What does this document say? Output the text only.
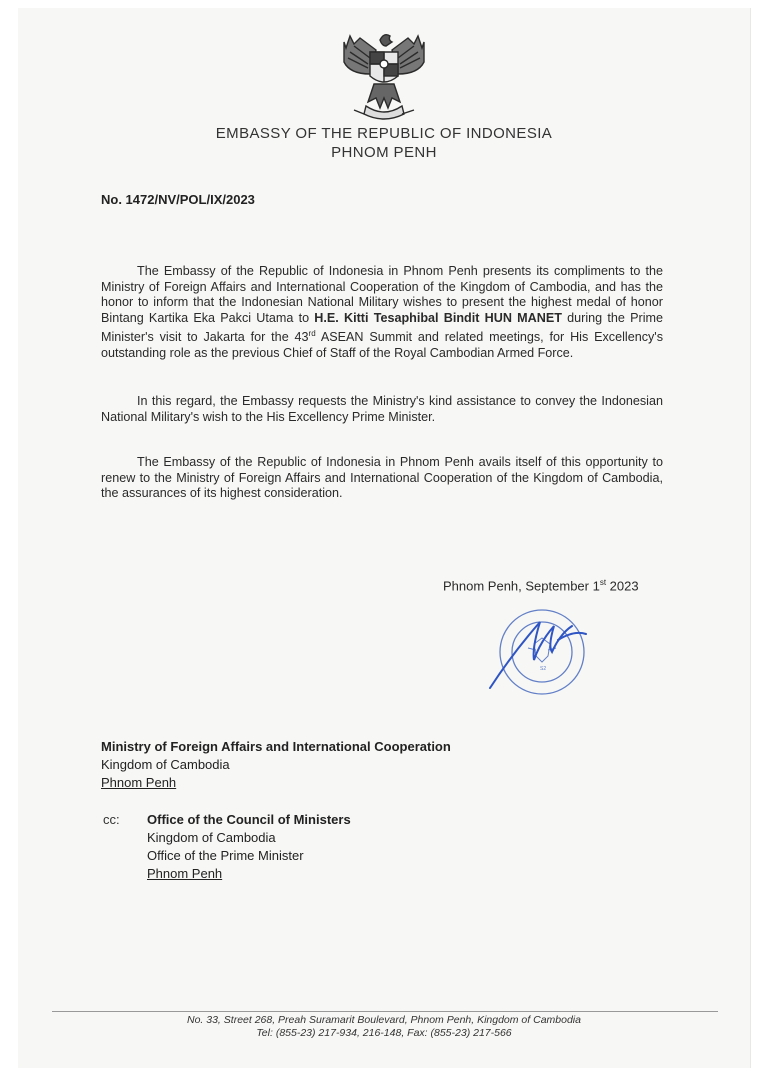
EMBASSY OF THE REPUBLIC OF INDONESIA
PHNOM PENH
No. 1472/NV/POL/IX/2023

The Embassy of the Republic of Indonesia in Phnom Penh presents its compliments to the Ministry of Foreign Affairs and International Cooperation of the Kingdom of Cambodia, and has the honor to inform that the Indonesian National Military wishes to present the highest medal of honor Bintang Kartika Eka Pakci Utama to H.E. Kitti Tesaphibal Bindit HUN MANET during the Prime Minister's visit to Jakarta for the 43rd ASEAN Summit and related meetings, for His Excellency's outstanding role as the previous Chief of Staff of the Royal Cambodian Armed Force.

In this regard, the Embassy requests the Ministry's kind assistance to convey the Indonesian National Military's wish to the His Excellency Prime Minister.

The Embassy of the Republic of Indonesia in Phnom Penh avails itself of this opportunity to renew to the Ministry of Foreign Affairs and International Cooperation of the Kingdom of Cambodia, the assurances of its highest consideration.

Phnom Penh, September 1st 2023
S2
Ministry of Foreign Affairs and International Cooperation
Kingdom of Cambodia
Phnom Penh
cc: Office of the Council of Ministers
Kingdom of Cambodia
Office of the Prime Minister
Phnom Penh
No. 33, Street 268, Preah Suramarit Boulevard, Phnom Penh, Kingdom of Cambodia
Tel: (855-23) 217-934, 216-148, Fax: (855-23) 217-566
